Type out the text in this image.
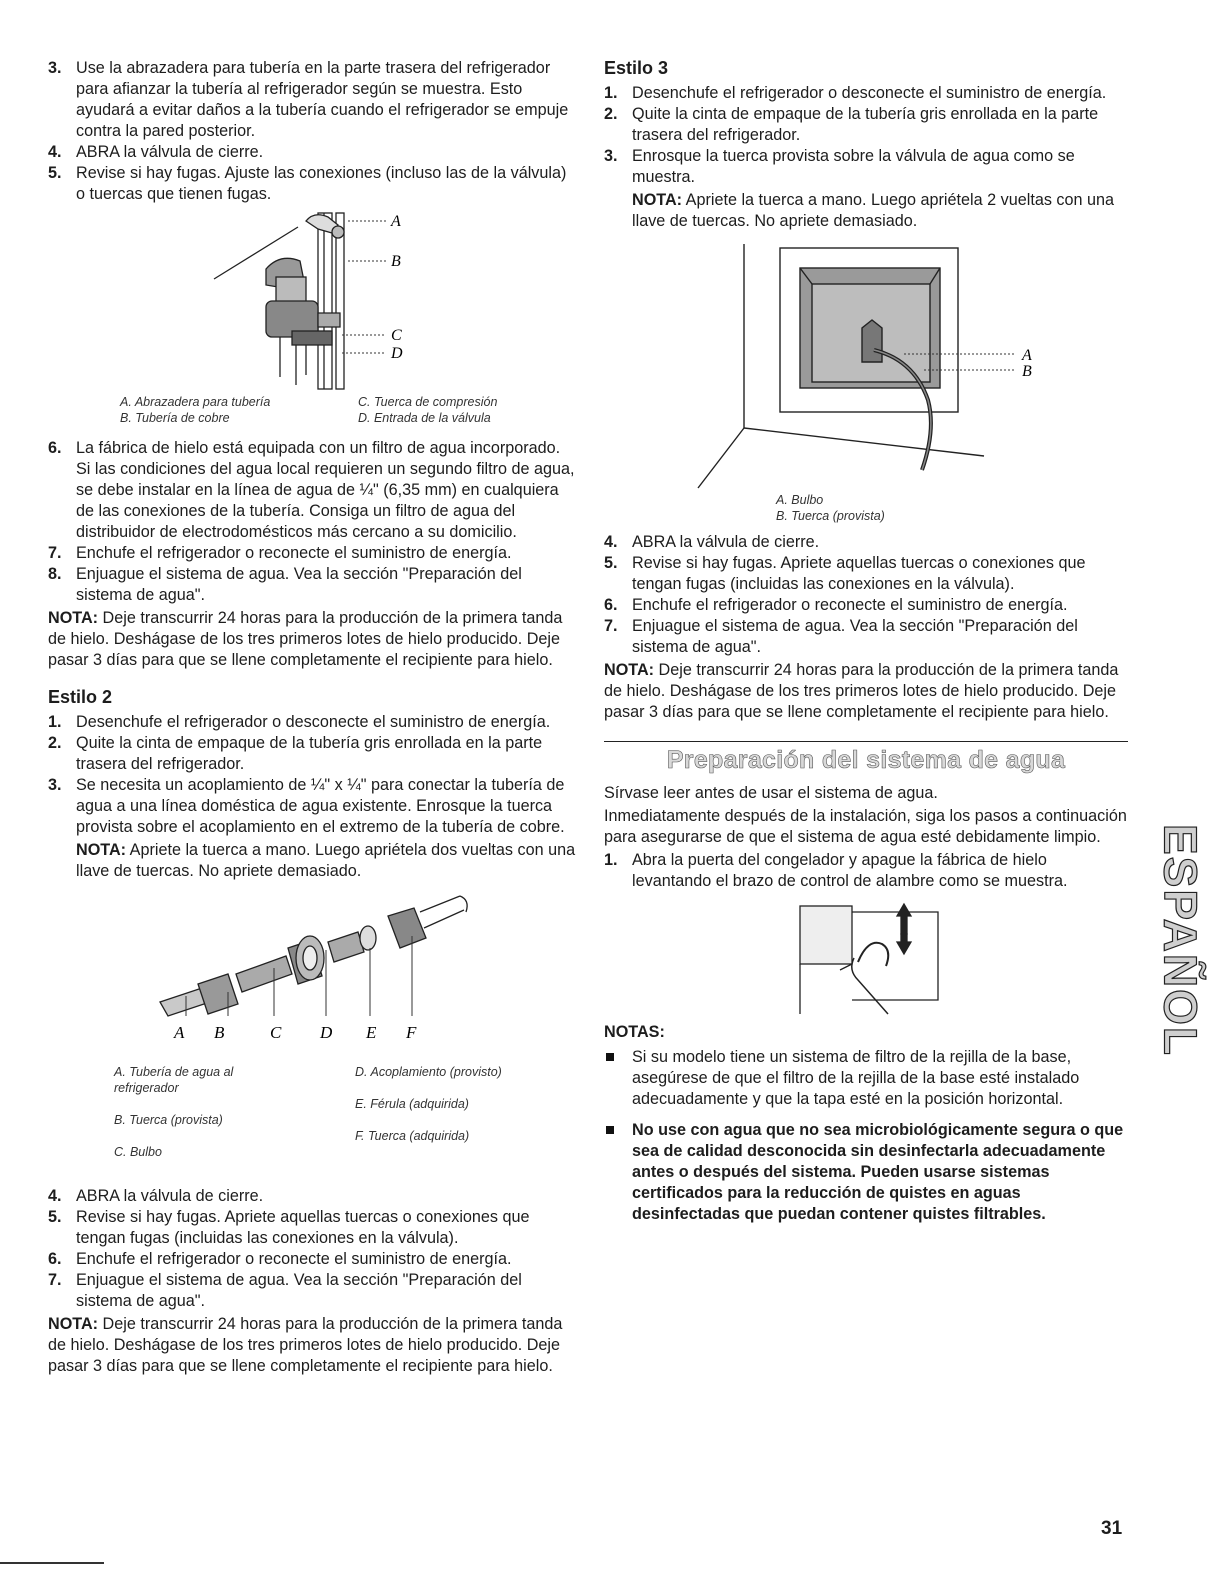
3. Use la abrazadera para tubería en la parte trasera del refrigerador para afianzar la tubería al refrigerador según se muestra. Esto ayudará a evitar daños a la tubería cuando el refrigerador se empuje contra la pared posterior.

4. ABRA la válvula de cierre.

5. Revise si hay fugas. Ajuste las conexiones (incluso las de la válvula) o tuercas que tienen fugas.

A
B
C
D
A. Abrazadera para tubería	C. Tuerca de compresión
B. Tubería de cobre	D. Entrada de la válvula

6. La fábrica de hielo está equipada con un filtro de agua incorporado. Si las condiciones del agua local requieren un segundo filtro de agua, se debe instalar en la línea de agua de ¼" (6,35 mm) en cualquiera de las conexiones de la tubería. Consiga un filtro de agua del distribuidor de electrodomésticos más cercano a su domicilio.

7. Enchufe el refrigerador o reconecte el suministro de energía.

8. Enjuague el sistema de agua. Vea la sección "Preparación del sistema de agua".

NOTA: Deje transcurrir 24 horas para la producción de la primera tanda de hielo. Deshágase de los tres primeros lotes de hielo producido. Deje pasar 3 días para que se llene completamente el recipiente para hielo.

Estilo 2

1. Desenchufe el refrigerador o desconecte el suministro de energía.

2. Quite la cinta de empaque de la tubería gris enrollada en la parte trasera del refrigerador.

3. Se necesita un acoplamiento de ¼" x ¼" para conectar la tubería de agua a una línea doméstica de agua existente. Enrosque la tuerca provista sobre el acoplamiento en el extremo de la tubería de cobre.
NOTA: Apriete la tuerca a mano. Luego apriétela dos vueltas con una llave de tuercas. No apriete demasiado.

A B	C D E F

A. Tubería de agua al
refrigerador

B. Tuerca (provista)

C. Bulbo

D. Acoplamiento (provisto)

E. Férula (adquirida)

F. Tuerca (adquirida)

4. ABRA la válvula de cierre.

5. Revise si hay fugas. Apriete aquellas tuercas o conexiones que tengan fugas (incluidas las conexiones en la válvula).

6. Enchufe el refrigerador o reconecte el suministro de energía.

7. Enjuague el sistema de agua. Vea la sección "Preparación del sistema de agua".

NOTA: Deje transcurrir 24 horas para la producción de la primera tanda de hielo. Deshágase de los tres primeros lotes de hielo producido. Deje pasar 3 días para que se llene completamente el recipiente para hielo.

Estilo 3

1. Desenchufe el refrigerador o desconecte el suministro de energía.

2. Quite la cinta de empaque de la tubería gris enrollada en la parte trasera del refrigerador.

3. Enrosque la tuerca provista sobre la válvula de agua como se muestra.
NOTA: Apriete la tuerca a mano. Luego apriétela 2 vueltas con una llave de tuercas. No apriete demasiado.

A
B
A. Bulbo
B. Tuerca (provista)

4. ABRA la válvula de cierre.

5. Revise si hay fugas. Apriete aquellas tuercas o conexiones que tengan fugas (incluidas las conexiones en la válvula).

6. Enchufe el refrigerador o reconecte el suministro de energía.

7. Enjuague el sistema de agua. Vea la sección "Preparación del sistema de agua".

NOTA: Deje transcurrir 24 horas para la producción de la primera tanda de hielo. Deshágase de los tres primeros lotes de hielo producido. Deje pasar 3 días para que se llene completamente el recipiente para hielo.

Preparación del sistema de agua

Sírvase leer antes de usar el sistema de agua.

Inmediatamente después de la instalación, siga los pasos a continuación para asegurarse de que el sistema de agua esté debidamente limpio.

1. Abra la puerta del congelador y apague la fábrica de hielo levantando el brazo de control de alambre como se muestra.

NOTAS:
Si su modelo tiene un sistema de filtro de la rejilla de la base, asegúrese de que el filtro de la rejilla de la base esté instalado adecuadamente y que la tapa esté en la posición horizontal.
No use con agua que no sea microbiológicamente segura o que sea de calidad desconocida sin desinfectarla adecuadamente antes o después del sistema. Pueden usarse sistemas certificados para la reducción de quistes en aguas desinfectadas que puedan contener quistes filtrables.
ESPAÑOL
31
